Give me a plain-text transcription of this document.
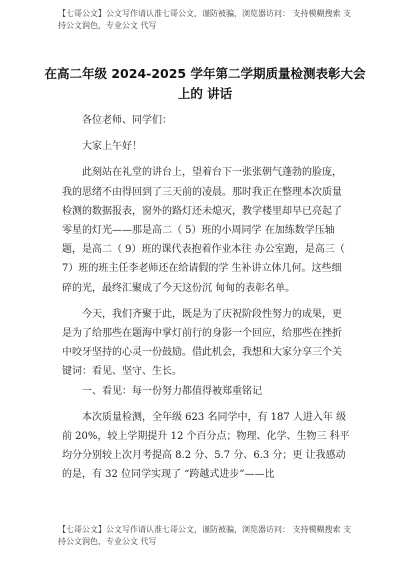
【七哥公文】公文写作请认准七哥公文，谨防被骗，浏览器访问： 支持模糊搜索 支持公文润色，专业公文 代写
在高二年级 2024-2025 学年第二学期质量检测表彰大会上的 讲话

各位老师、同学们：

大家上午好！

此刻站在礼堂的讲台上，望着台下一张张朝气蓬勃的脸庞，我的思绪不由得回到了三天前的凌晨。那时我正在整理本次质量检测的数据报表，窗外的路灯还未熄灭，教学楼里却早已亮起了零星的灯光——那是高二（ 5）班的小周同学 在加练数学压轴题，是高二（ 9）班的课代表抱着作业本往 办公室跑，是高三（ 7）班的班主任李老师还在给请假的学 生补讲立体几何。这些细碎的光，最终汇聚成了今天这份沉 甸甸的表彰名单。

今天，我们齐聚于此，既是为了庆祝阶段性努力的成果，更是为了给那些在题海中掌灯前行的身影一个回应，给那些在挫折中咬牙坚持的心灵一份鼓励。借此机会，我想和大家分享三个关键词：看见、坚守、生长。

一、看见：每一份努力都值得被郑重铭记

本次质量检测，全年级 623 名同学中，有 187 人进入年 级前 20%，较上学期提升 12 个百分点；物理、化学、生物三 科平均分分别较上次月考提高 8.2 分、5.7 分、6.3 分；更 让我感动的是，有 32 位同学实现了 “跨越式进步”——比

【七哥公文】公文写作请认准七哥公文，谨防被骗，浏览器访问： 支持模糊搜索 支持公文润色，专业公文 代写
